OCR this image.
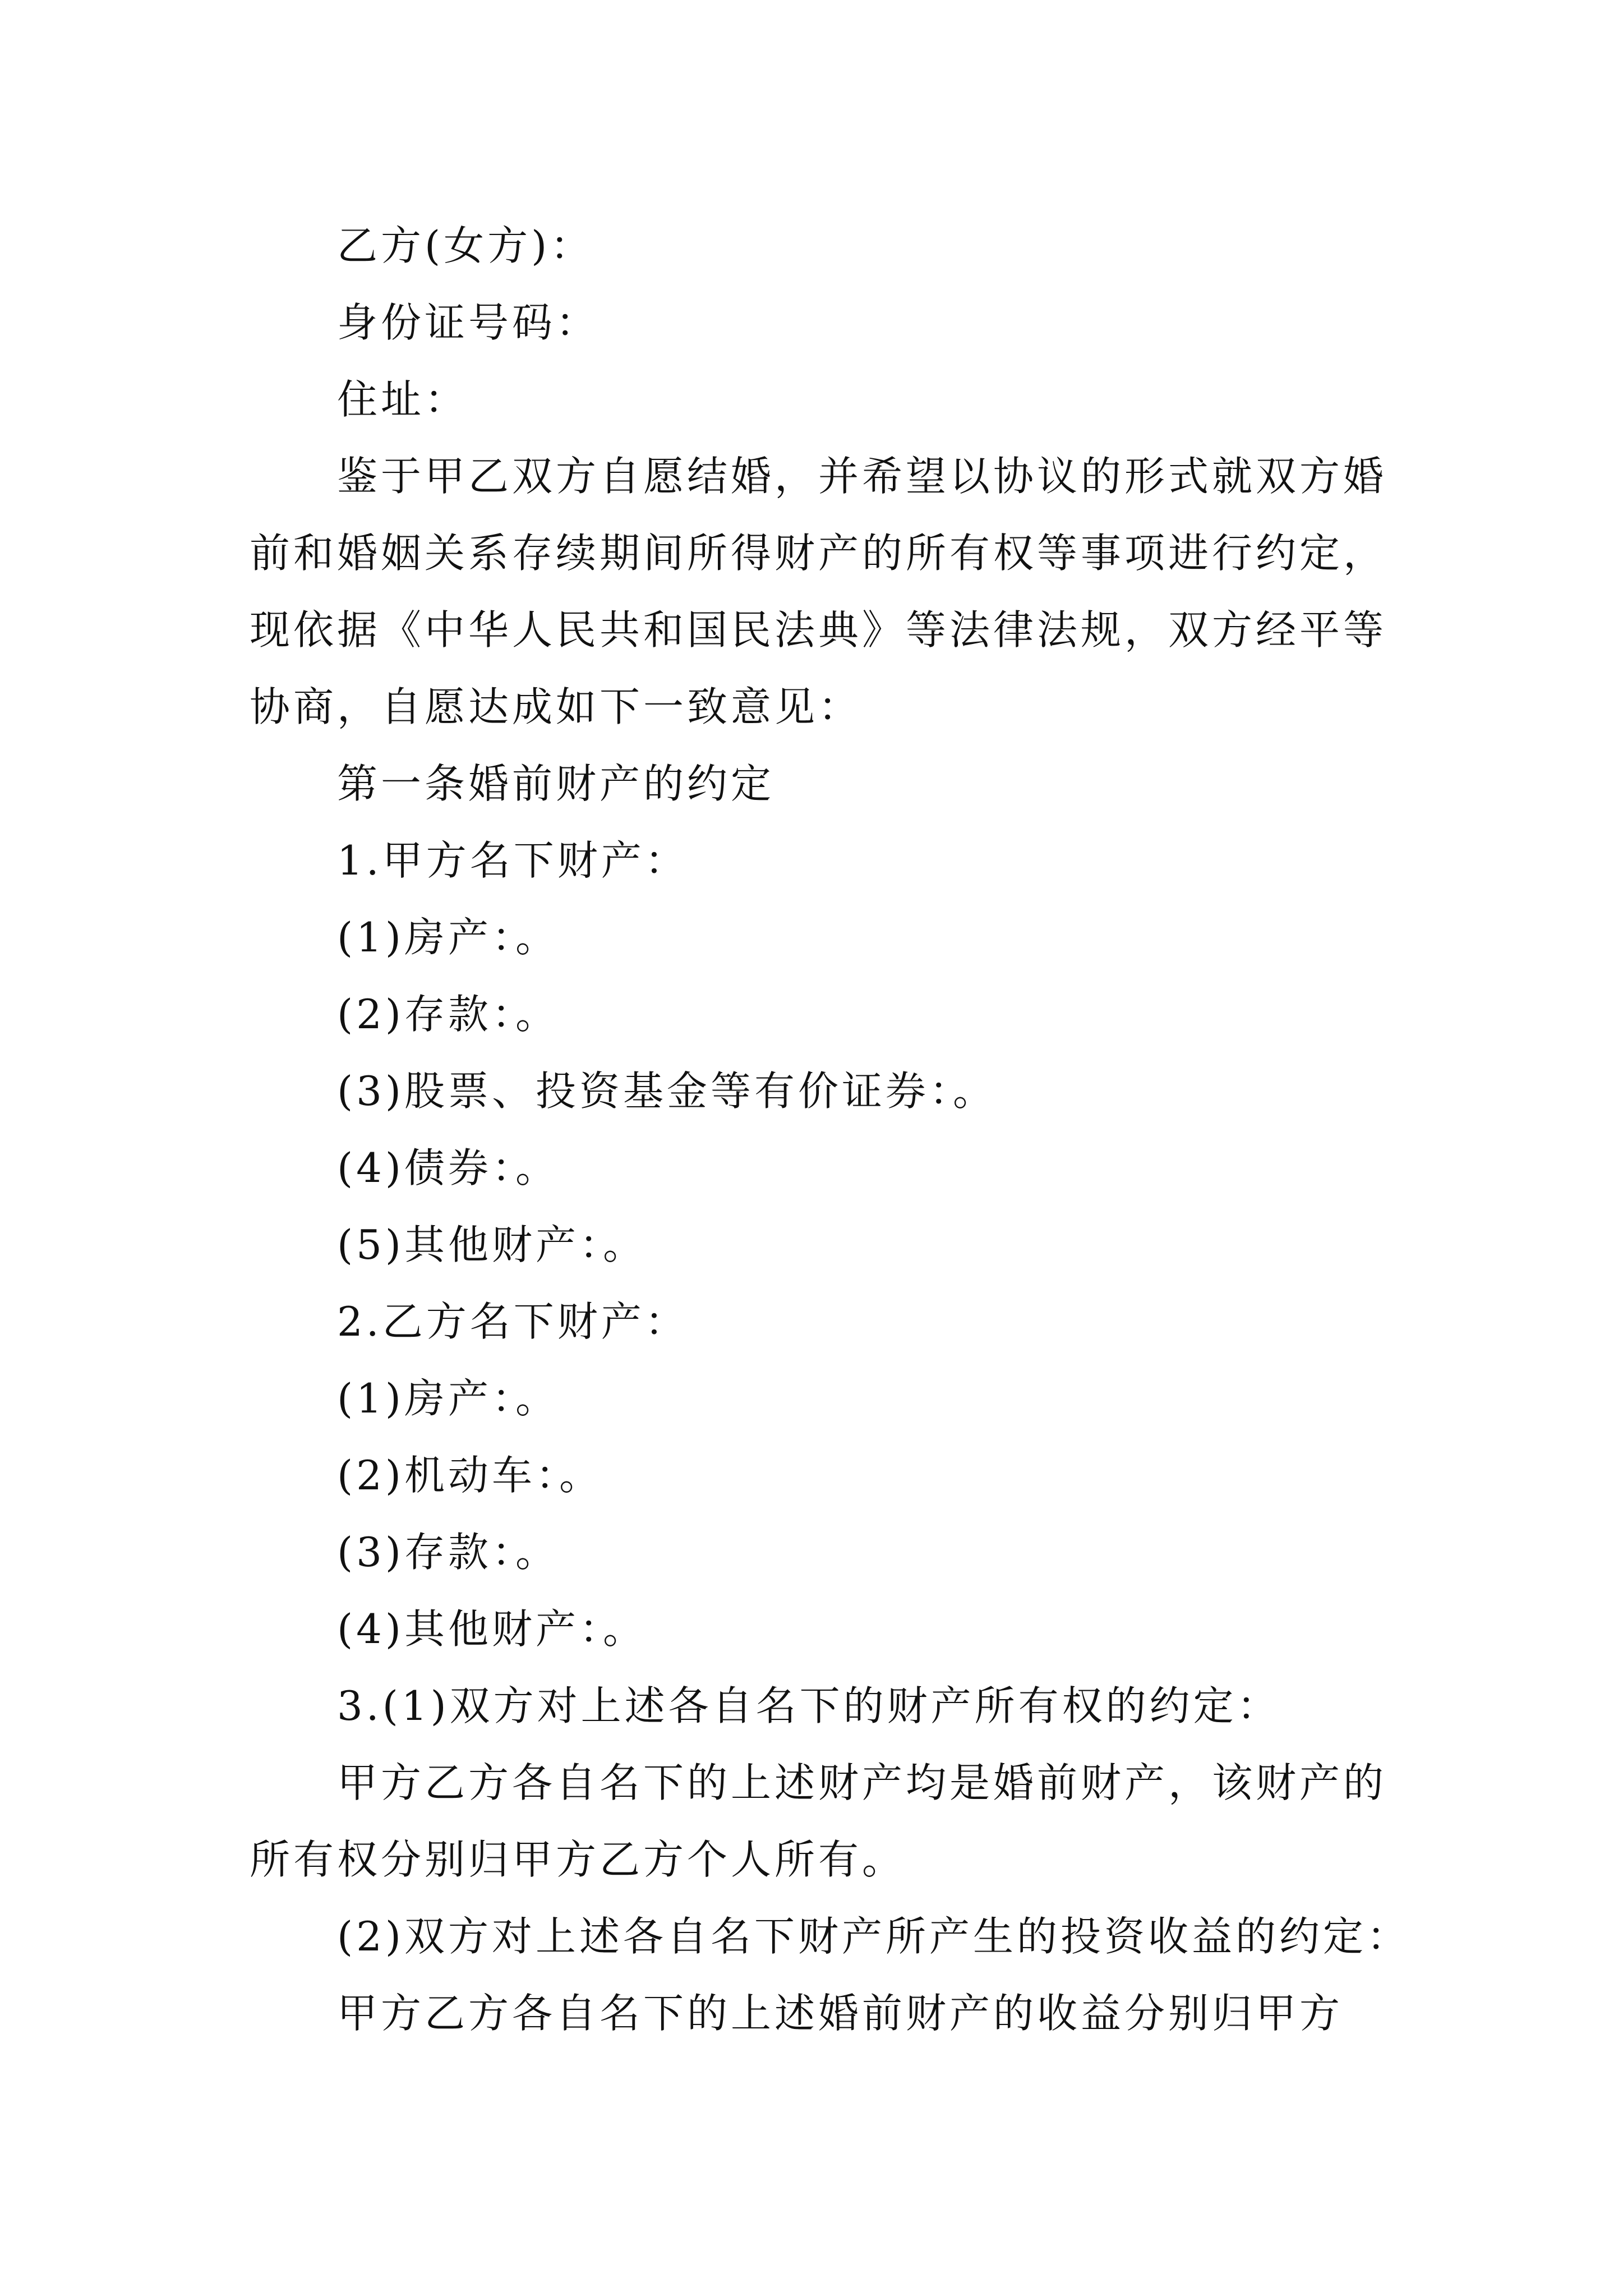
乙方(女方)：
身份证号码：
住址：
鉴于甲乙双方自愿结婚，并希望以协议的形式就双方婚
前和婚姻关系存续期间所得财产的所有权等事项进行约定，
现依据《中华人民共和国民法典》等法律法规，双方经平等
协商，自愿达成如下一致意见：
第一条婚前财产的约定
1.甲方名下财产：
(1)房产：。
(2)存款：。
(3)股票、投资基金等有价证券：。
(4)债券：。
(5)其他财产：。
2.乙方名下财产：
(1)房产：。
(2)机动车：。
(3)存款：。
(4)其他财产：。
3.(1)双方对上述各自名下的财产所有权的约定：
甲方乙方各自名下的上述财产均是婚前财产，该财产的
所有权分别归甲方乙方个人所有。
(2)双方对上述各自名下财产所产生的投资收益的约定：
甲方乙方各自名下的上述婚前财产的收益分别归甲方
